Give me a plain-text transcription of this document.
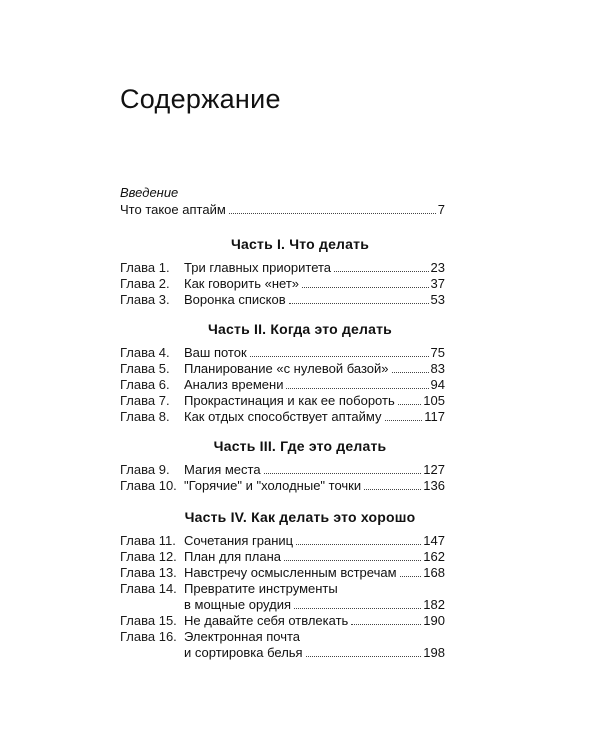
Содержание
Введение
Что такое аптайм	7
Часть I. Что делать
Глава 1.	Три главных приоритета	23
Глава 2.	Как говорить «нет»	37
Глава 3.	Воронка списков	53
Часть II. Когда это делать
Глава 4.	Ваш поток	75
Глава 5.	Планирование «с нулевой базой»	83
Глава 6.	Анализ времени	94
Глава 7.	Прокрастинация и как ее побороть 105
Глава 8.	Как отдых способствует аптайму	117
Часть III. Где это делать
Глава 9.	Магия места	127
Глава 10. "Горячие" и "холодные" точки	136
Часть IV. Как делать это хорошо
Глава 11. Сочетания границ	147
Глава 12. План для плана	162
Глава 13. Навстречу осмысленным встречам 168
Глава 14. Превратите инструменты
в мощные орудия	182
Глава 15. Не давайте себя отвлекать	190
Глава 16. Электронная почта
и сортировка белья	198
